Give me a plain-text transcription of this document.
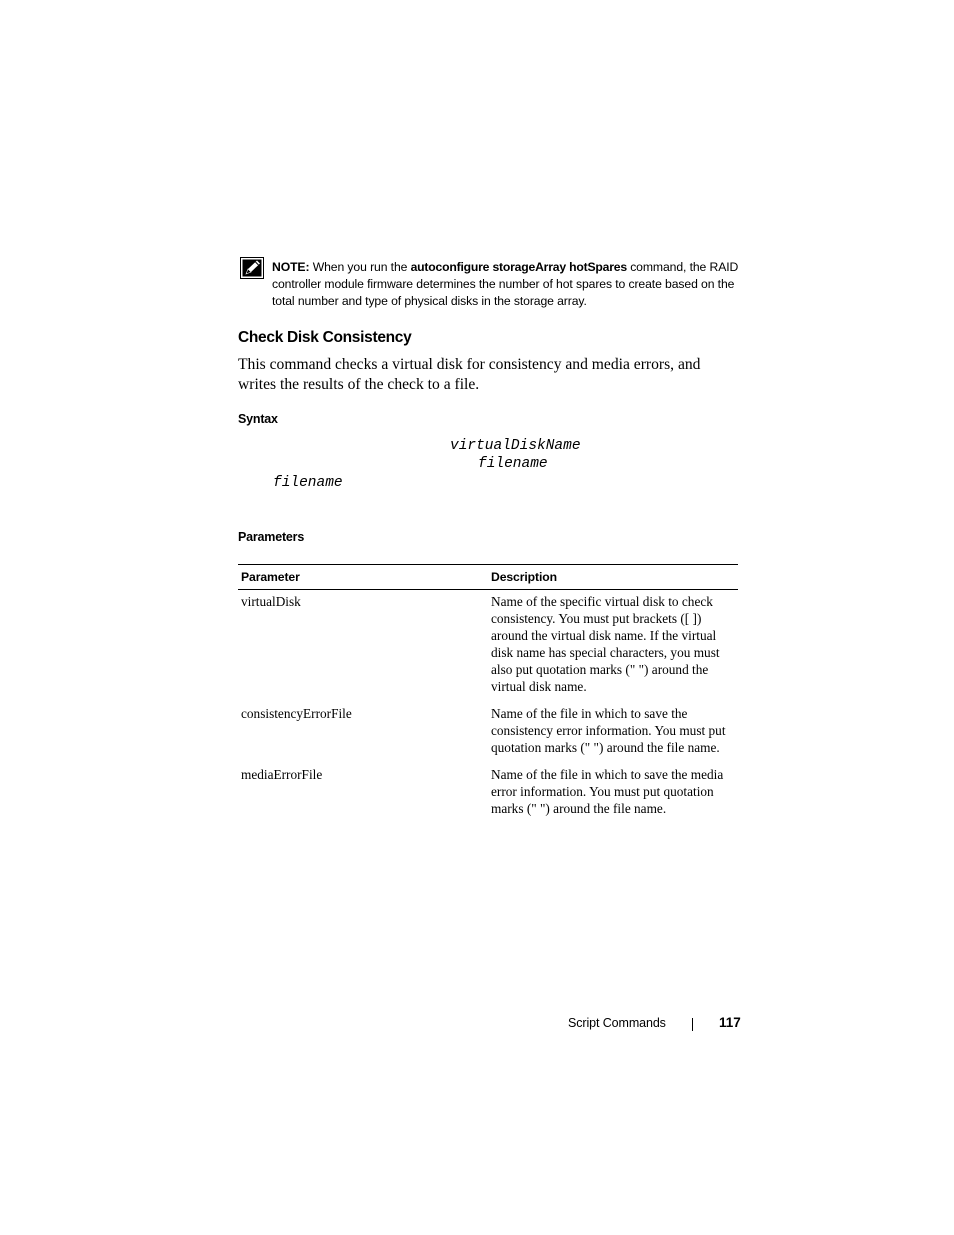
NOTE: When you run the autoconfigure storageArray hotSpares command, the RAID controller module firmware determines the number of hot spares to create based on the total number and type of physical disks in the storage array.
Check Disk Consistency

This command checks a virtual disk for consistency and media errors, and writes the results of the check to a file.

Syntax
virtualDiskName
filename
filename
Parameters
Parameter	Description
virtualDisk	Name of the specific virtual disk to check consistency. You must put brackets ([ ]) around the virtual disk name. If the virtual disk name has special characters, you must also put quotation marks (" ") around the virtual disk name.
consistencyErrorFile	Name of the file in which to save the consistency error information. You must put quotation marks (" ") around the file name.
mediaErrorFile	Name of the file in which to save the media error information. You must put quotation marks (" ") around the file name.
Script Commands	117
